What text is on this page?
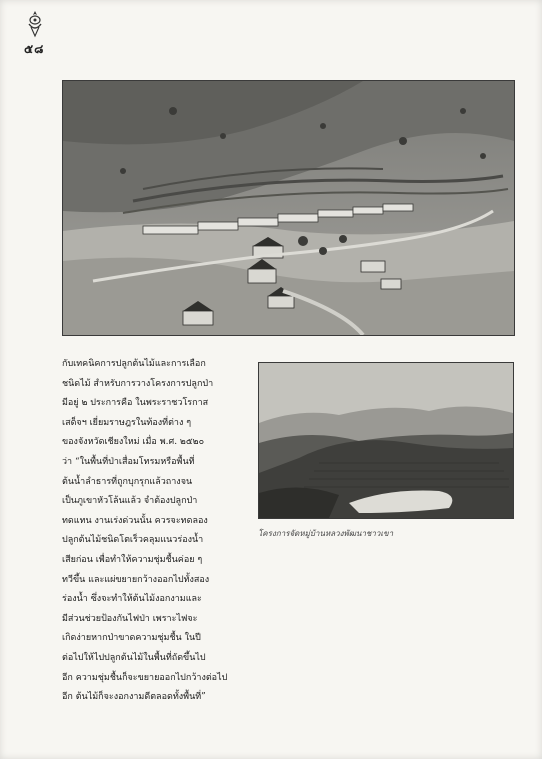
๕๘
โครงการจัดหมู่บ้านหลวงพัฒนาชาวเขา
กับเทคนิคการปลูกต้นไม้และการเลือก
ชนิดไม้ สำหรับการวางโครงการปลูกป่า
มีอยู่ ๒ ประการคือ ในพระราชวโรกาส
เสด็จฯ เยี่ยมราษฎรในท้องที่ต่าง ๆ
ของจังหวัดเชียงใหม่ เมื่อ พ.ศ. ๒๕๒๐
ว่า “ในพื้นที่ป่าเสื่อมโทรมหรือพื้นที่
ต้นน้ำลำธารที่ถูกบุกรุกแล้วถางจน
เป็นภูเขาหัวโล้นแล้ว จำต้องปลูกป่า
ทดแทน งานเร่งด่วนนั้น ควรจะทดลอง
ปลูกต้นไม้ชนิดโตเร็วคลุมแนวร่องน้ำ
เสียก่อน เพื่อทำให้ความชุ่มชื้นค่อย ๆ
ทวีขึ้น และแผ่ขยายกว้างออกไปทั้งสอง
ร่องน้ำ ซึ่งจะทำให้ต้นไม้งอกงามและ
มีส่วนช่วยป้องกันไฟป่า เพราะไฟจะ
เกิดง่ายหากป่าขาดความชุ่มชื้น ในปี
ต่อไปให้ไปปลูกต้นไม้ในพื้นที่ถัดขึ้นไป
อีก ความชุ่มชื้นก็จะขยายออกไปกว้างต่อไป
อีก ต้นไม้ก็จะงอกงามดีตลอดทั้งพื้นที่”
